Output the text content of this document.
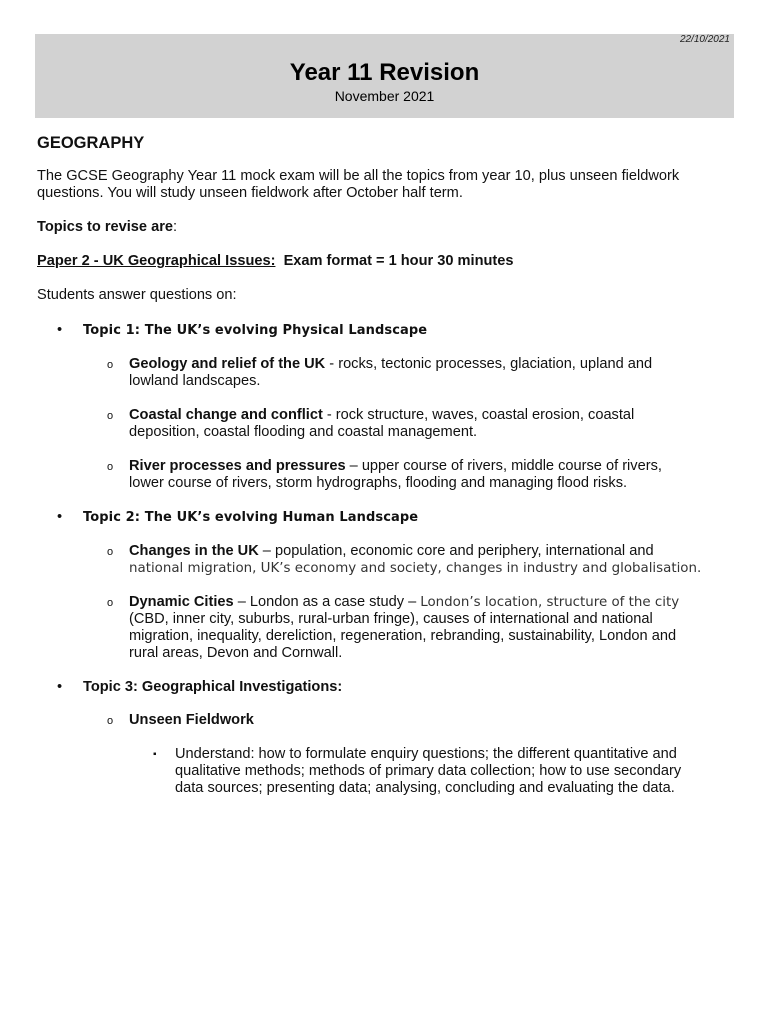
22/10/2021
Year 11 Revision
November 2021
GEOGRAPHY
The GCSE Geography Year 11 mock exam will be all the topics from year 10, plus unseen fieldwork
questions. You will study unseen fieldwork after October half term.
Topics to revise are:
Paper 2 - UK Geographical Issues: Exam format = 1 hour 30 minutes
Students answer questions on:
• Topic 1: The UK’s evolving Physical Landscape
o Geology and relief of the UK - rocks, tectonic processes, glaciation, upland and
lowland landscapes.
o Coastal change and conflict - rock structure, waves, coastal erosion, coastal
deposition, coastal flooding and coastal management.
o River processes and pressures – upper course of rivers, middle course of rivers,
lower course of rivers, storm hydrographs, flooding and managing flood risks.
• Topic 2: The UK’s evolving Human Landscape
o Changes in the UK – population, economic core and periphery, international and
national migration, UK’s economy and society, changes in industry and globalisation.
o Dynamic Cities – London as a case study – London’s location, structure of the city
(CBD, inner city, suburbs, rural-urban fringe), causes of international and national
migration, inequality, dereliction, regeneration, rebranding, sustainability, London and
rural areas, Devon and Cornwall.
• Topic 3: Geographical Investigations:
o Unseen Fieldwork
▪ Understand: how to formulate enquiry questions; the different quantitative and
qualitative methods; methods of primary data collection; how to use secondary
data sources; presenting data; analysing, concluding and evaluating the data.
